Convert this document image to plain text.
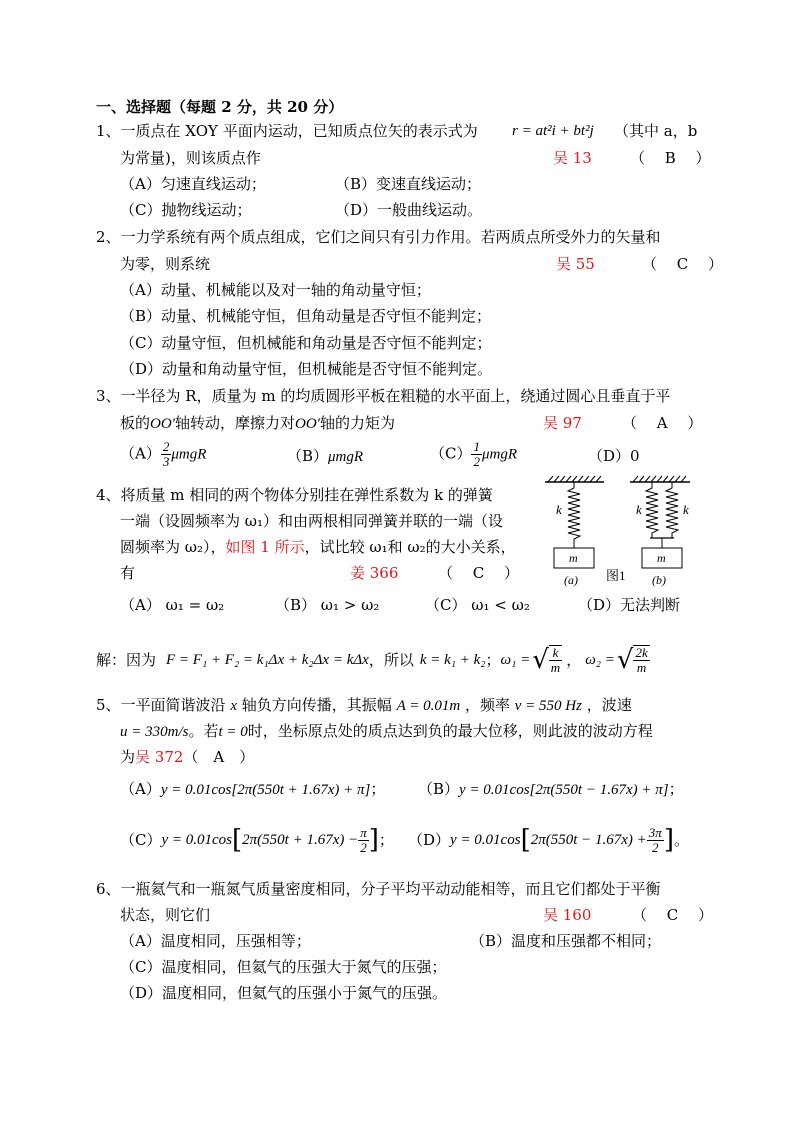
一、选择题（每题 2 分，共 20 分）
1、一质点在 XOY 平面内运动，已知质点位矢的表示式为 r = at²i + bt²j （其中 a，b
为常量)，则该质点作	吴 13	（　 B　 ）
（A）匀速直线运动；	（B）变速直线运动；
（C）抛物线运动；	（D）一般曲线运动。
2、一力学系统有两个质点组成，它们之间只有引力作用。若两质点所受外力的矢量和
为零，则系统	吴 55	（　 C　 ）
（A）动量、机械能以及对一轴的角动量守恒；
（B）动量、机械能守恒，但角动量是否守恒不能判定；
（C）动量守恒，但机械能和角动量是否守恒不能判定；
（D）动量和角动量守恒，但机械能是否守恒不能判定。
3、一半径为 R，质量为 m 的均质圆形平板在粗糙的水平面上，绕通过圆心且垂直于平
板的OO′轴转动，摩擦力对OO′轴的力矩为	吴 97	（　 A　 ）
$(A) \frac{2}{3}$ μmgR	（B）μmgR	$(C) \frac{1}{2}$ μmgR	（D）0
4、将质量 m 相同的两个物体分别挂在弹性系数为 k 的弹簧
一端（设圆频率为 ω₁）和由两根相同弹簧并联的一端（设
圆频率为 ω₂），如图 1 所示，试比较 ω₁和 ω₂的大小关系，
有	姜 366	（　 C　 ）
（A） ω₁ = ω₂	（B） ω₁ > ω₂	（C） ω₁ < ω₂	（D）无法判断
k	k	k
m	m
(a) 图1 (b)
解：因为 F = F₁ + F₂ = k₁Δx + k₂Δx = kΔx ，所以 k = k₁ + k₂ ； ω₁ = √ $\frac{k}{m}$ ， ω₂ = √ $\frac{2k}{m}$
5、一平面简谐波沿 x 轴负方向传播，其振幅 A = 0.01m ，频率 ν = 550 Hz ，波速
u = 330m/s。若t = 0时，坐标原点处的质点达到负的最大位移，则此波的波动方程
为吴 372（　A　）
（A）y = 0.01cos[2π(550t + 1.67x) + π]； （B）y = 0.01cos[2π(550t − 1.67x) + π]；
（C） y = 0.01cos [ $2\pi(550t + 1.67x) - \frac{\pi}{2}$ ] ； （D） y = 0.01cos [ $2\pi(550t - 1.67x) + \frac{3\pi}{2}$ ] 。
6、一瓶氦气和一瓶氮气质量密度相同，分子平均平动动能相等，而且它们都处于平衡
状态，则它们	吴 160	（　 C　 ）
（A）温度相同，压强相等；	（B）温度和压强都不相同；
（C）温度相同，但氦气的压强大于氮气的压强；
（D）温度相同，但氦气的压强小于氮气的压强。
